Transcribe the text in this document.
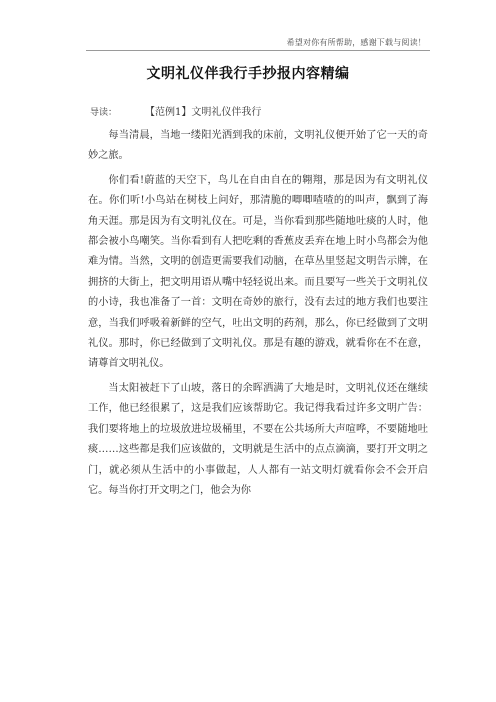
希望对你有所帮助，感谢下载与阅读！
文明礼仪伴我行手抄报内容精编
导读：	【范例1】文明礼仪伴我行

每当清晨，当地一缕阳光洒到我的床前，文明礼仪便开始了它一天的奇妙之旅。

你们看!蔚蓝的天空下，鸟儿在自由自在的翱翔，那是因为有文明礼仪在。你们听!小鸟站在树枝上问好，那清脆的唧唧喳喳的的叫声，飘到了海角天涯。那是因为有文明礼仪在。可是，当你看到那些随地吐痰的人时，他都会被小鸟嘲笑。当你看到有人把吃剩的香蕉皮丢弃在地上时小鸟都会为他难为情。当然，文明的创造更需要我们动脑，在草丛里竖起文明告示牌，在拥挤的大街上，把文明用语从嘴中轻轻说出来。而且要写一些关于文明礼仪的小诗，我也准备了一首：文明在奇妙的旅行，没有去过的地方我们也要注意，当我们呼吸着新鲜的空气，吐出文明的药剂，那么，你已经做到了文明礼仪。那时，你已经做到了文明礼仪。那是有趣的游戏，就看你在不在意，请尊首文明礼仪。

当太阳被赶下了山坡，落日的余晖洒满了大地是时，文明礼仪还在继续工作，他已经很累了，这是我们应该帮助它。我记得我看过许多文明广告：我们要将地上的垃圾放进垃圾桶里，不要在公共场所大声喧哗，不要随地吐痰……这些都是我们应该做的，文明就是生活中的点点滴滴，要打开文明之门，就必须从生活中的小事做起，人人都有一站文明灯就看你会不会开启它。每当你打开文明之门，他会为你
